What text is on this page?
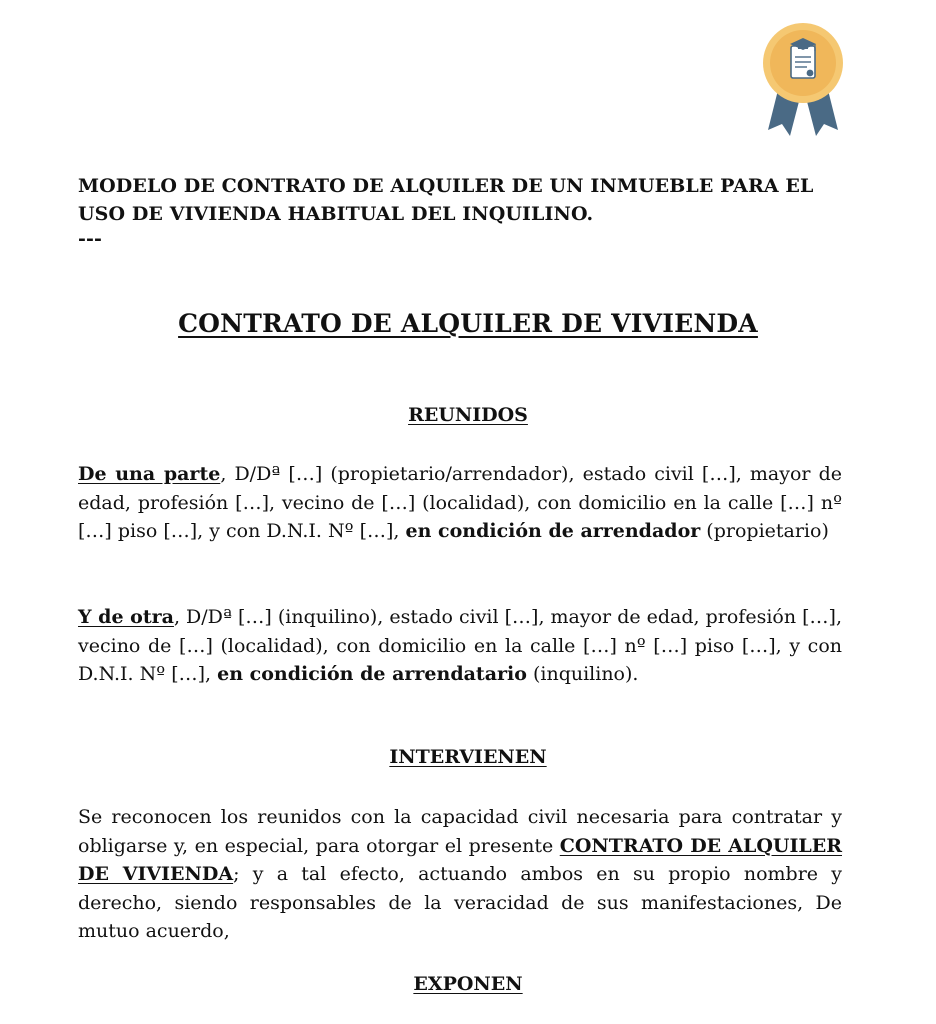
MODELO DE CONTRATO DE ALQUILER DE UN INMUEBLE PARA EL
USO DE VIVIENDA HABITUAL DEL INQUILINO.
---
CONTRATO DE ALQUILER DE VIVIENDA
REUNIDOS

De una parte, D/Dª […] (propietario/arrendador), estado civil […], mayor de edad, profesión […], vecino de […] (localidad), con domicilio en la calle […] nº […] piso […], y con D.N.I. Nº […], en condición de arrendador (propietario)

Y de otra, D/Dª […] (inquilino), estado civil […], mayor de edad, profesión […], vecino de […] (localidad), con domicilio en la calle […] nº […] piso […], y con D.N.I. Nº […], en condición de arrendatario (inquilino).

INTERVIENEN

Se reconocen los reunidos con la capacidad civil necesaria para contratar y obligarse y, en especial, para otorgar el presente CONTRATO DE ALQUILER DE VIVIENDA; y a tal efecto, actuando ambos en su propio nombre y derecho, siendo responsables de la veracidad de sus manifestaciones, De mutuo acuerdo,

EXPONEN
